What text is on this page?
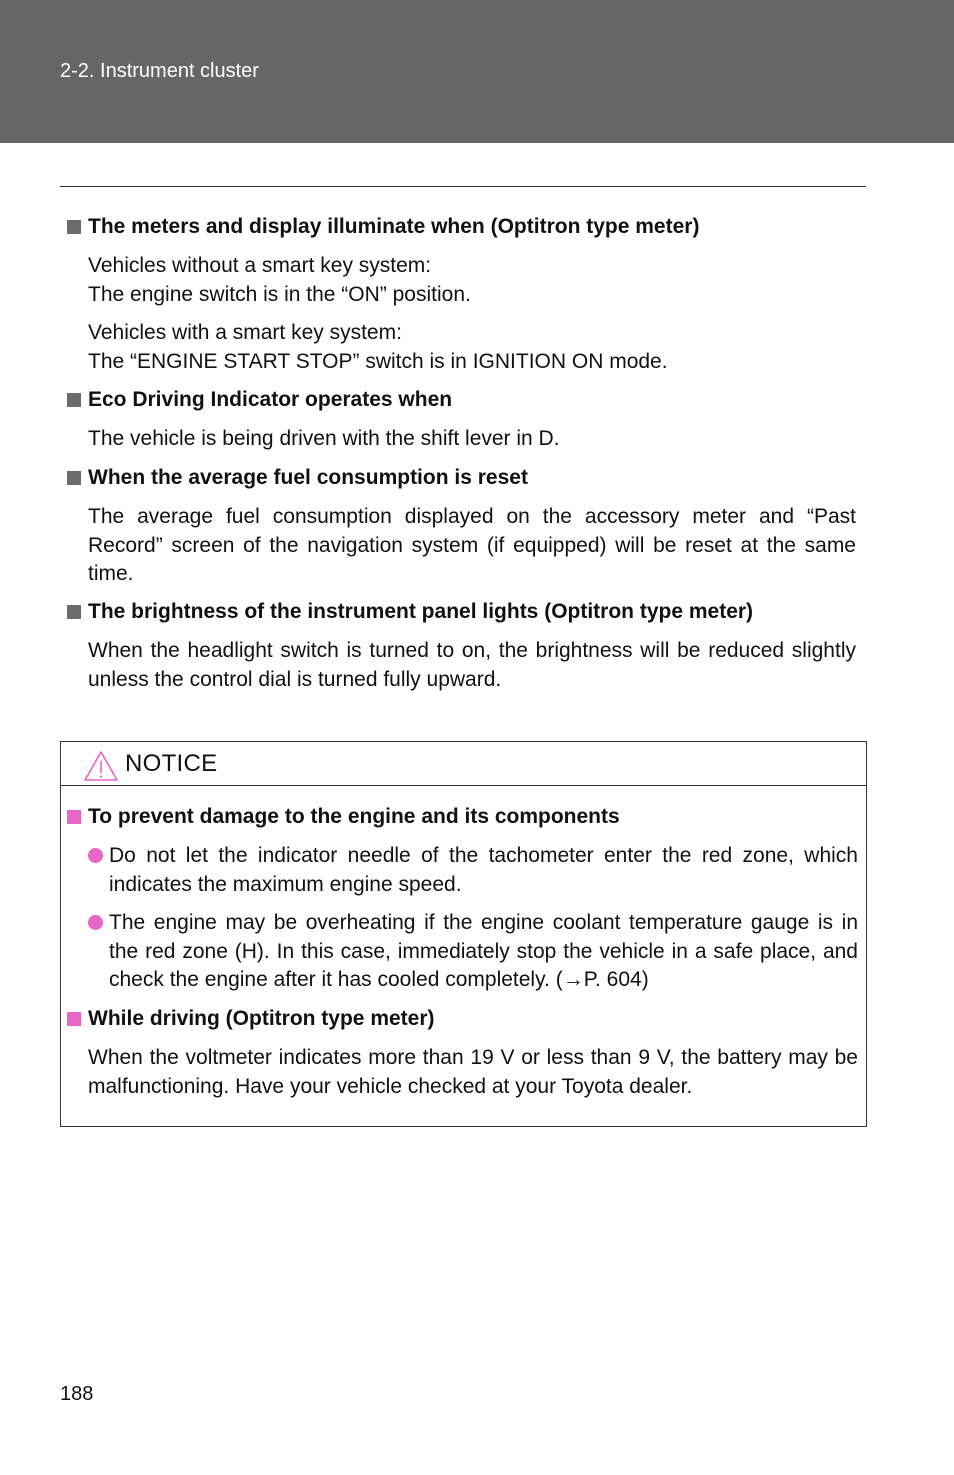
2-2. Instrument cluster
The meters and display illuminate when (Optitron type meter)
Vehicles without a smart key system:
The engine switch is in the “ON” position.
Vehicles with a smart key system:
The “ENGINE START STOP” switch is in IGNITION ON mode.
Eco Driving Indicator operates when
The vehicle is being driven with the shift lever in D.
When the average fuel consumption is reset
The average fuel consumption displayed on the accessory meter and “Past Record” screen of the navigation system (if equipped) will be reset at the same time.
The brightness of the instrument panel lights (Optitron type meter)
When the headlight switch is turned to on, the brightness will be reduced slightly unless the control dial is turned fully upward.
NOTICE
To prevent damage to the engine and its components
Do not let the indicator needle of the tachometer enter the red zone, which indicates the maximum engine speed.
The engine may be overheating if the engine coolant temperature gauge is in the red zone (H). In this case, immediately stop the vehicle in a safe place, and check the engine after it has cooled completely. (→P. 604)
While driving (Optitron type meter)
When the voltmeter indicates more than 19 V or less than 9 V, the battery may be malfunctioning. Have your vehicle checked at your Toyota dealer.
188
